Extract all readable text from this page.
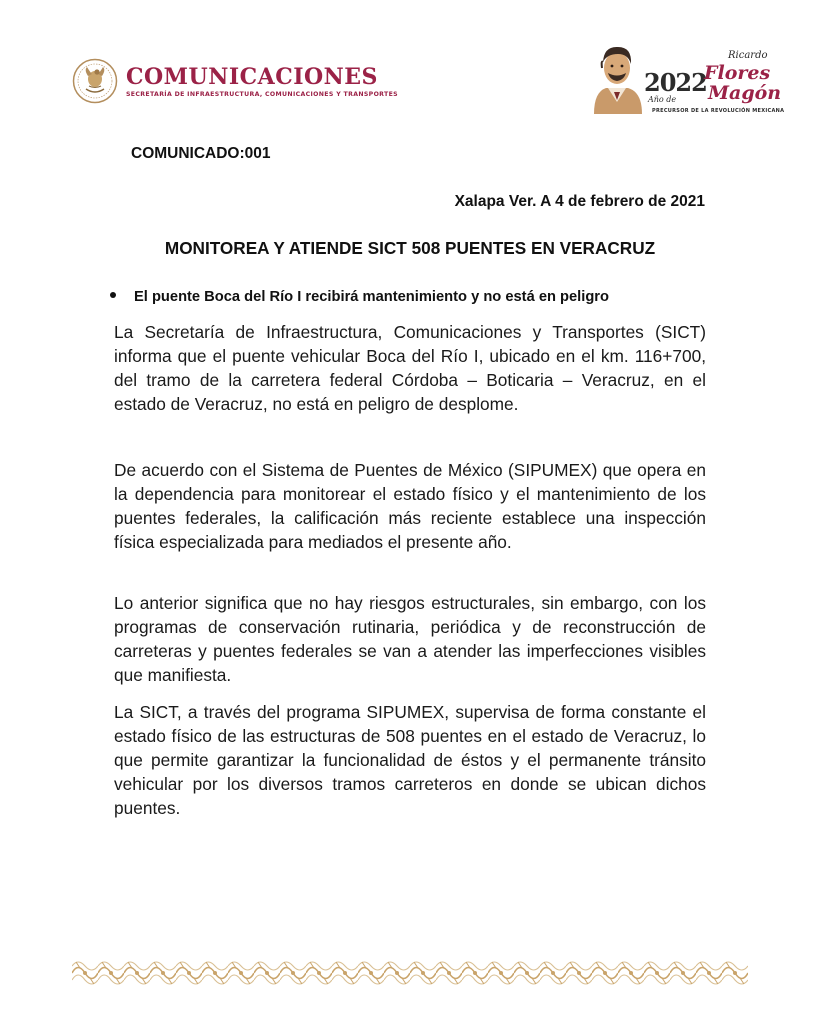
COMUNICACIONES
SECRETARÍA DE INFRAESTRUCTURA, COMUNICACIONES Y TRANSPORTES
Ricardo
2022
Flores
Año de Magón
PRECURSOR DE LA REVOLUCIÓN MEXICANA
COMUNICADO:001
Xalapa Ver. A 4 de febrero de 2021
MONITOREA Y ATIENDE SICT 508 PUENTES EN VERACRUZ
El puente Boca del Río I recibirá mantenimiento y no está en peligro

La Secretaría de Infraestructura, Comunicaciones y Transportes (SICT) informa que el puente vehicular Boca del Río I, ubicado en el km. 116+700, del tramo de la carretera federal Córdoba – Boticaria – Veracruz, en el estado de Veracruz, no está en peligro de desplome.

De acuerdo con el Sistema de Puentes de México (SIPUMEX) que opera en la dependencia para monitorear el estado físico y el mantenimiento de los puentes federales, la calificación más reciente establece una inspección física especializada para mediados el presente año.

Lo anterior significa que no hay riesgos estructurales, sin embargo, con los programas de conservación rutinaria, periódica y de reconstrucción de carreteras y puentes federales se van a atender las imperfecciones visibles que manifiesta.

La SICT, a través del programa SIPUMEX, supervisa de forma constante el estado físico de las estructuras de 508 puentes en el estado de Veracruz, lo que permite garantizar la funcionalidad de éstos y el permanente tránsito vehicular por los diversos tramos carreteros en donde se ubican dichos puentes.
